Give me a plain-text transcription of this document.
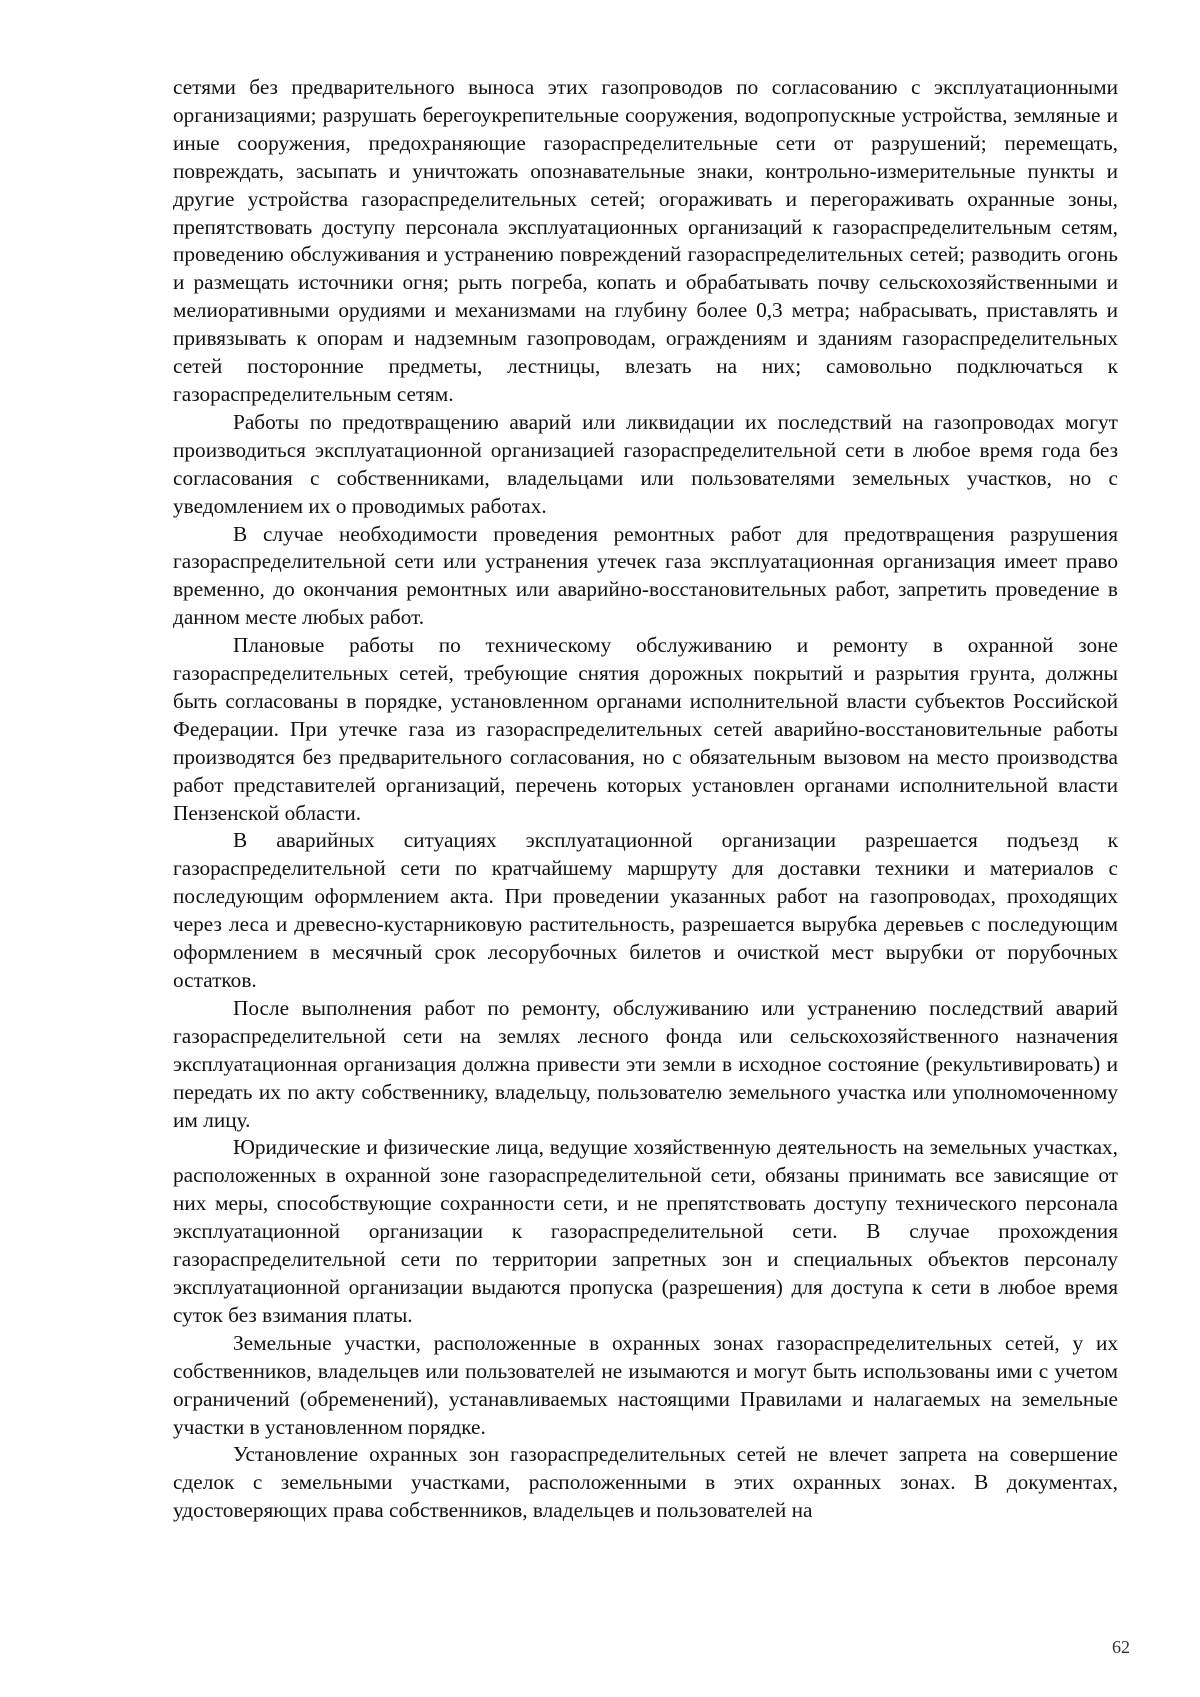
сетями без предварительного выноса этих газопроводов по согласованию с эксплуатационными организациями; разрушать берегоукрепительные сооружения, водопропускные устройства, земляные и иные сооружения, предохраняющие газораспределительные сети от разрушений; перемещать, повреждать, засыпать и уничтожать опознавательные знаки, контрольно-измерительные пункты и другие устройства газораспределительных сетей; огораживать и перегораживать охранные зоны, препятствовать доступу персонала эксплуатационных организаций к газораспределительным сетям, проведению обслуживания и устранению повреждений газораспределительных сетей; разводить огонь и размещать источники огня; рыть погреба, копать и обрабатывать почву сельскохозяйственными и мелиоративными орудиями и механизмами на глубину более 0,3 метра; набрасывать, приставлять и привязывать к опорам и надземным газопроводам, ограждениям и зданиям газораспределительных сетей посторонние предметы, лестницы, влезать на них; самовольно подключаться к газораспределительным сетям.

Работы по предотвращению аварий или ликвидации их последствий на газопроводах могут производиться эксплуатационной организацией газораспределительной сети в любое время года без согласования с собственниками, владельцами или пользователями земельных участков, но с уведомлением их о проводимых работах.

В случае необходимости проведения ремонтных работ для предотвращения разрушения газораспределительной сети или устранения утечек газа эксплуатационная организация имеет право временно, до окончания ремонтных или аварийно-восстановительных работ, запретить проведение в данном месте любых работ.

Плановые работы по техническому обслуживанию и ремонту в охранной зоне газораспределительных сетей, требующие снятия дорожных покрытий и разрытия грунта, должны быть согласованы в порядке, установленном органами исполнительной власти субъектов Российской Федерации. При утечке газа из газораспределительных сетей аварийно-восстановительные работы производятся без предварительного согласования, но с обязательным вызовом на место производства работ представителей организаций, перечень которых установлен органами исполнительной власти Пензенской области.

В аварийных ситуациях эксплуатационной организации разрешается подъезд к газораспределительной сети по кратчайшему маршруту для доставки техники и материалов с последующим оформлением акта. При проведении указанных работ на газопроводах, проходящих через леса и древесно-кустарниковую растительность, разрешается вырубка деревьев с последующим оформлением в месячный срок лесорубочных билетов и очисткой мест вырубки от порубочных остатков.

После выполнения работ по ремонту, обслуживанию или устранению последствий аварий газораспределительной сети на землях лесного фонда или сельскохозяйственного назначения эксплуатационная организация должна привести эти земли в исходное состояние (рекультивировать) и передать их по акту собственнику, владельцу, пользователю земельного участка или уполномоченному им лицу.

Юридические и физические лица, ведущие хозяйственную деятельность на земельных участках, расположенных в охранной зоне газораспределительной сети, обязаны принимать все зависящие от них меры, способствующие сохранности сети, и не препятствовать доступу технического персонала эксплуатационной организации к газораспределительной сети. В случае прохождения газораспределительной сети по территории запретных зон и специальных объектов персоналу эксплуатационной организации выдаются пропуска (разрешения) для доступа к сети в любое время суток без взимания платы.

Земельные участки, расположенные в охранных зонах газораспределительных сетей, у их собственников, владельцев или пользователей не изымаются и могут быть использованы ими с учетом ограничений (обременений), устанавливаемых настоящими Правилами и налагаемых на земельные участки в установленном порядке.

Установление охранных зон газораспределительных сетей не влечет запрета на совершение сделок с земельными участками, расположенными в этих охранных зонах. В документах, удостоверяющих права собственников, владельцев и пользователей на

62
